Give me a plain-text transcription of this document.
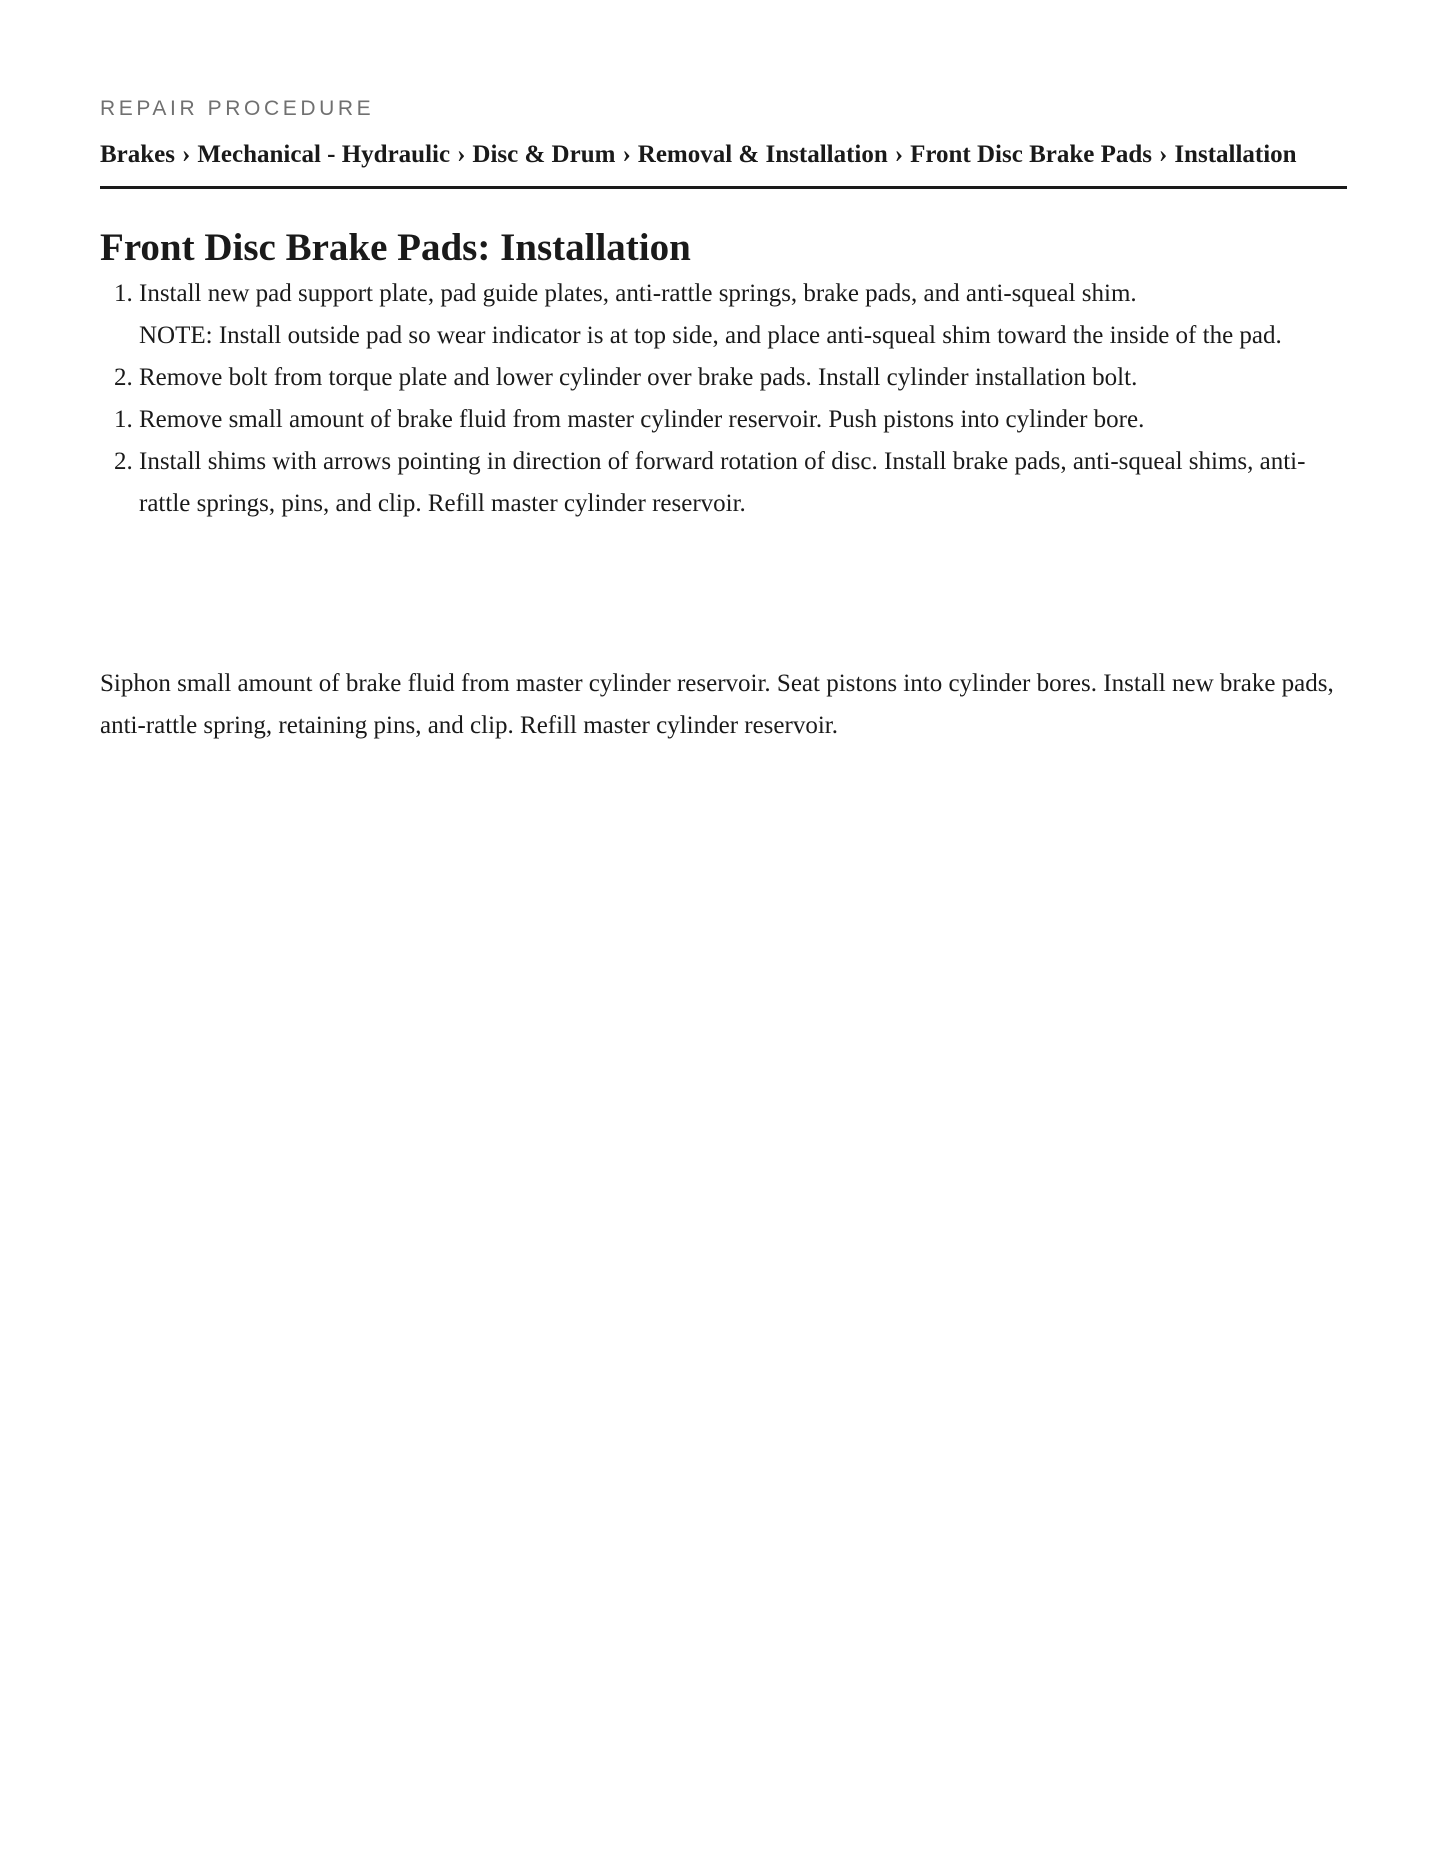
REPAIR PROCEDURE
Brakes › Mechanical - Hydraulic › Disc & Drum › Removal & Installation › Front Disc Brake Pads › Installation
Front Disc Brake Pads: Installation
1. Install new pad support plate, pad guide plates, anti-rattle springs, brake pads, and anti-squeal shim.
NOTE: Install outside pad so wear indicator is at top side, and place anti-squeal shim toward the inside of the pad.
2. Remove bolt from torque plate and lower cylinder over brake pads. Install cylinder installation bolt.
1. Remove small amount of brake fluid from master cylinder reservoir. Push pistons into cylinder bore.
2. Install shims with arrows pointing in direction of forward rotation of disc. Install brake pads, anti-squeal shims, anti-rattle springs, pins, and clip. Refill master cylinder reservoir.

Siphon small amount of brake fluid from master cylinder reservoir. Seat pistons into cylinder bores. Install new brake pads, anti-rattle spring, retaining pins, and clip. Refill master cylinder reservoir.
